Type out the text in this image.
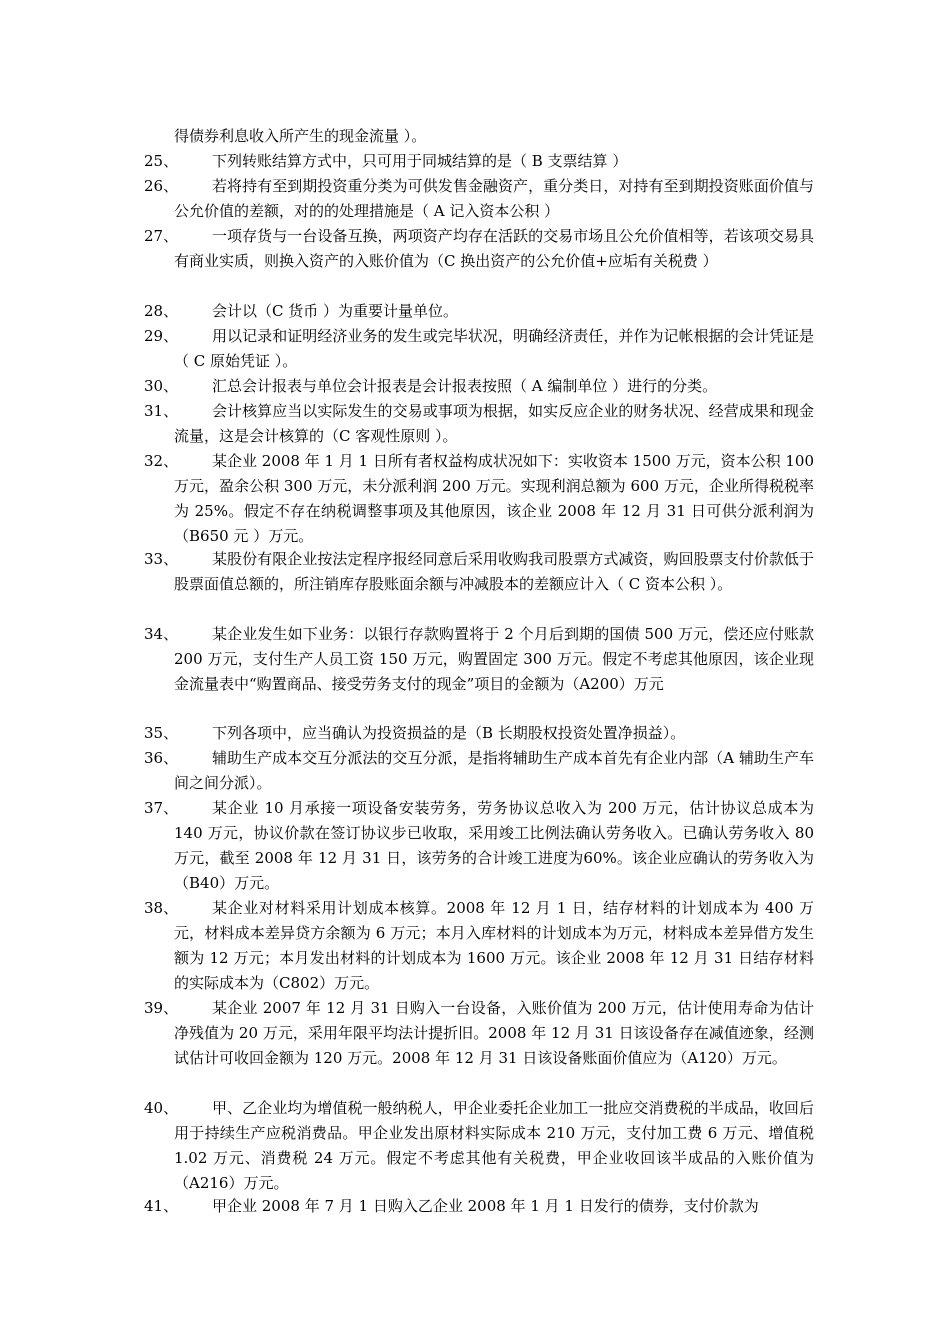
得债券利息收入所产生的现金流量 ）。
25、	下列转账结算方式中，只可用于同城结算的是（ B 支票结算 ）
26、	若将持有至到期投资重分类为可供发售金融资产，重分类日，对持有至到期投资账面价值与公允价值的差额，对的的处理措施是（ A 记入资本公积 ）
27、	一项存货与一台设备互换，两项资产均存在活跃的交易市场且公允价值相等，若该项交易具有商业实质，则换入资产的入账价值为（C 换出资产的公允价值+应垢有关税费 ）
28、	会计以（C 货币 ）为重要计量单位。
29、	用以记录和证明经济业务的发生或完毕状况，明确经济责任，并作为记帐根据的会计凭证是（ C 原始凭证 ）。
30、	汇总会计报表与单位会计报表是会计报表按照（ A 编制单位 ）进行的分类。
31、	会计核算应当以实际发生的交易或事项为根据，如实反应企业的财务状况、经营成果和现金流量，这是会计核算的（C 客观性原则 ）。
32、	某企业 2008 年 1 月 1 日所有者权益构成状况如下：实收资本 1500 万元，资本公积 100 万元，盈余公积 300 万元，未分派利润 200 万元。实现利润总额为 600 万元，企业所得税税率为 25%。假定不存在纳税调整事项及其他原因，该企业 2008 年 12 月 31 日可供分派利润为（B650 元 ）万元。
33、	某股份有限企业按法定程序报经同意后采用收购我司股票方式减资，购回股票支付价款低于股票面值总额的，所注销库存股账面余额与冲减股本的差额应计入（ C 资本公积 ）。
34、	某企业发生如下业务：以银行存款购置将于 2 个月后到期的国债 500 万元，偿还应付账款 200 万元，支付生产人员工资 150 万元，购置固定 300 万元。假定不考虑其他原因，该企业现金流量表中“购置商品、接受劳务支付的现金”项目的金额为（A200）万元
35、	下列各项中，应当确认为投资损益的是（B 长期股权投资处置净损益）。
36、	辅助生产成本交互分派法的交互分派，是指将辅助生产成本首先有企业内部（A 辅助生产车间之间分派）。
37、	某企业 10 月承接一项设备安装劳务，劳务协议总收入为 200 万元，估计协议总成本为 140 万元，协议价款在签订协议步已收取，采用竣工比例法确认劳务收入。已确认劳务收入 80 万元，截至 2008 年 12 月 31 日，该劳务的合计竣工进度为60%。该企业应确认的劳务收入为（B40）万元。
38、	某企业对材料采用计划成本核算。2008 年 12 月 1 日，结存材料的计划成本为 400 万元，材料成本差异贷方余额为 6 万元；本月入库材料的计划成本为万元，材料成本差异借方发生额为 12 万元；本月发出材料的计划成本为 1600 万元。该企业 2008 年 12 月 31 日结存材料的实际成本为（C802）万元。
39、	某企业 2007 年 12 月 31 日购入一台设备，入账价值为 200 万元，估计使用寿命为估计净残值为 20 万元，采用年限平均法计提折旧。2008 年 12 月 31 日该设备存在减值迹象，经测试估计可收回金额为 120 万元。2008 年 12 月 31 日该设备账面价值应为（A120）万元。
40、	甲、乙企业均为增值税一般纳税人，甲企业委托企业加工一批应交消费税的半成品，收回后用于持续生产应税消费品。甲企业发出原材料实际成本 210 万元，支付加工费 6 万元、增值税 1.02 万元、消费税 24 万元。假定不考虑其他有关税费，甲企业收回该半成品的入账价值为（A216）万元。
41、	甲企业 2008 年 7 月 1 日购入乙企业 2008 年 1 月 1 日发行的债券，支付价款为
